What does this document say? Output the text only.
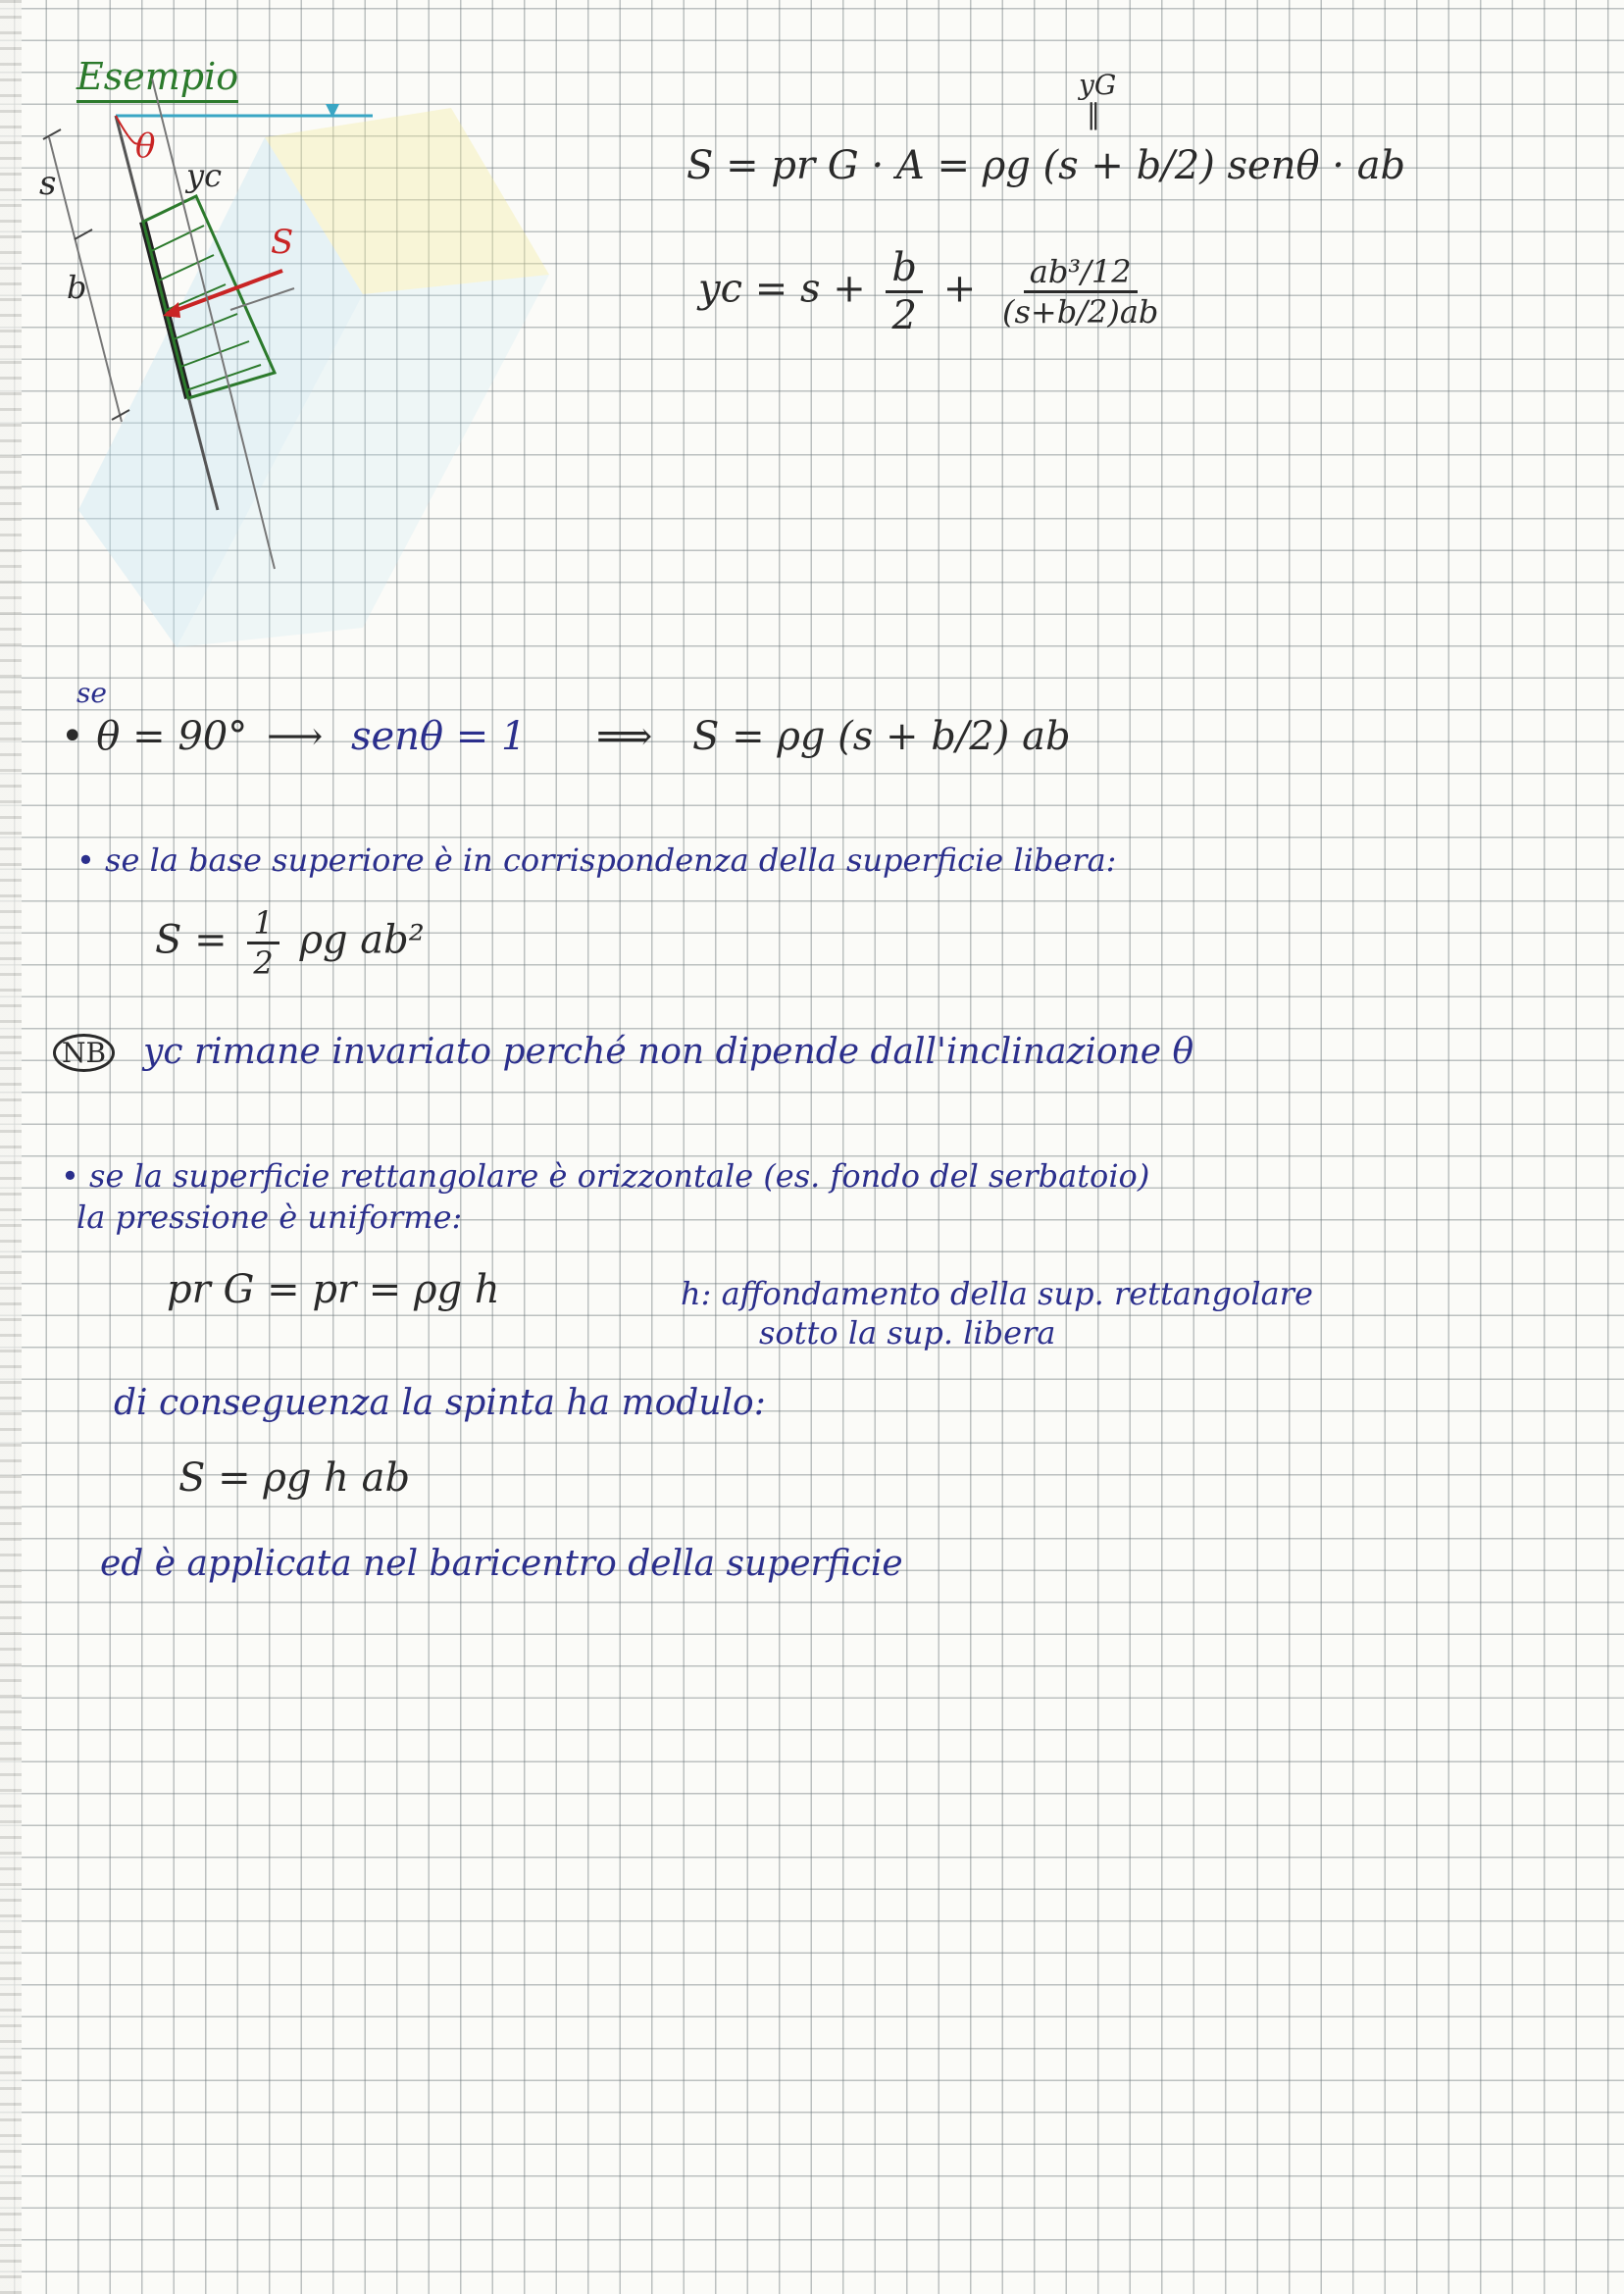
Esempio
θ
s	yc
b
S
yG
‖
S = pr G · A = ρg (s + b/2) senθ · ab
yc = $s + \frac{b}{2} + \frac{\text{ab³/12}}{(s+b/2)ab}$
se
• θ = 90° ⟶ senθ = 1 ⟹ S = ρg (s + b/2) ab
• se la base superiore è in corrispondenza della superficie libera:
$S = \frac{1}{2}$ ρg ab²
NB yc rimane invariato perché non dipende dall'inclinazione θ
• se la superficie rettangolare è orizzontale (es. fondo del serbatoio)
la pressione è uniforme:
pr G = pr = ρg h	h: affondamento della sup. rettangolare
sotto la sup. libera
di conseguenza la spinta ha modulo:
S = ρg h ab
ed è applicata nel baricentro della superficie
